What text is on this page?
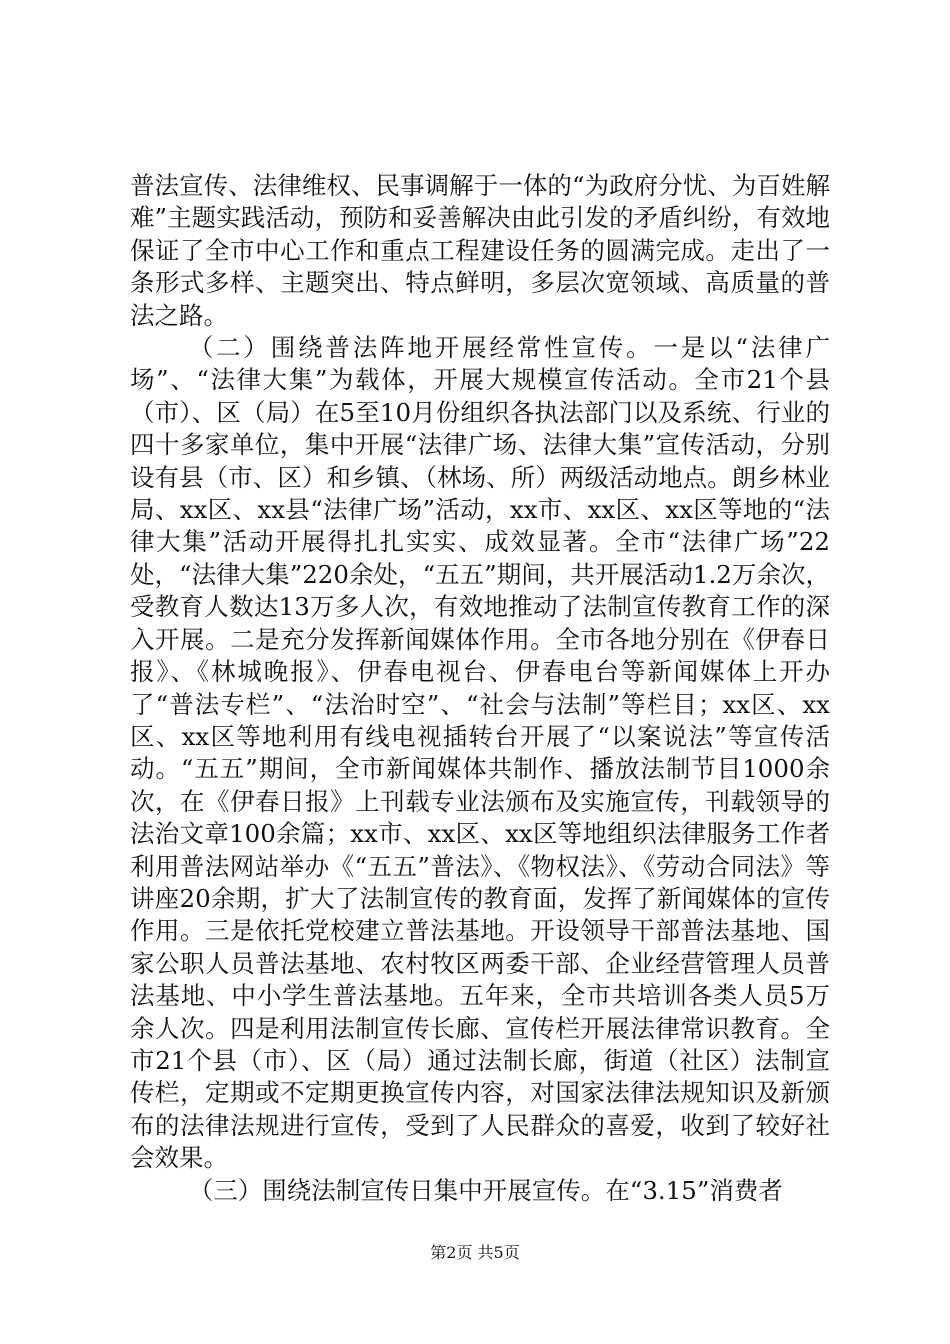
普法宣传、法律维权、民事调解于一体的“为政府分忧、为百姓解难”主题实践活动，预防和妥善解决由此引发的矛盾纠纷，有效地保证了全市中心工作和重点工程建设任务的圆满完成。走出了一条形式多样、主题突出、特点鲜明，多层次宽领域、高质量的普法之路。

（二）围绕普法阵地开展经常性宣传。一是以“法律广场”、“法律大集”为载体，开展大规模宣传活动。全市21个县（市）、区（局）在5至10月份组织各执法部门以及系统、行业的四十多家单位，集中开展“法律广场、法律大集”宣传活动，分别设有县（市、区）和乡镇、（林场、所）两级活动地点。朗乡林业局、xx区、xx县“法律广场”活动，xx市、xx区、xx区等地的“法律大集”活动开展得扎扎实实、成效显著。全市“法律广场”22处，“法律大集”220余处，“五五”期间，共开展活动1.2万余次，受教育人数达13万多人次，有效地推动了法制宣传教育工作的深入开展。二是充分发挥新闻媒体作用。全市各地分别在《伊春日报》、《林城晚报》、伊春电视台、伊春电台等新闻媒体上开办了“普法专栏”、“法治时空”、“社会与法制”等栏目；xx区、xx区、xx区等地利用有线电视插转台开展了“以案说法”等宣传活动。“五五”期间，全市新闻媒体共制作、播放法制节目1000余次，在《伊春日报》上刊载专业法颁布及实施宣传，刊载领导的法治文章100余篇；xx市、xx区、xx区等地组织法律服务工作者利用普法网站举办《“五五”普法》、《物权法》、《劳动合同法》等讲座20余期，扩大了法制宣传的教育面，发挥了新闻媒体的宣传作用。三是依托党校建立普法基地。开设领导干部普法基地、国家公职人员普法基地、农村牧区两委干部、企业经营管理人员普法基地、中小学生普法基地。五年来，全市共培训各类人员5万余人次。四是利用法制宣传长廊、宣传栏开展法律常识教育。全市21个县（市）、区（局）通过法制长廊，街道（社区）法制宣传栏，定期或不定期更换宣传内容，对国家法律法规知识及新颁布的法律法规进行宣传，受到了人民群众的喜爱，收到了较好社会效果。

（三）围绕法制宣传日集中开展宣传。在“3.15”消费者

第2页 共5页
